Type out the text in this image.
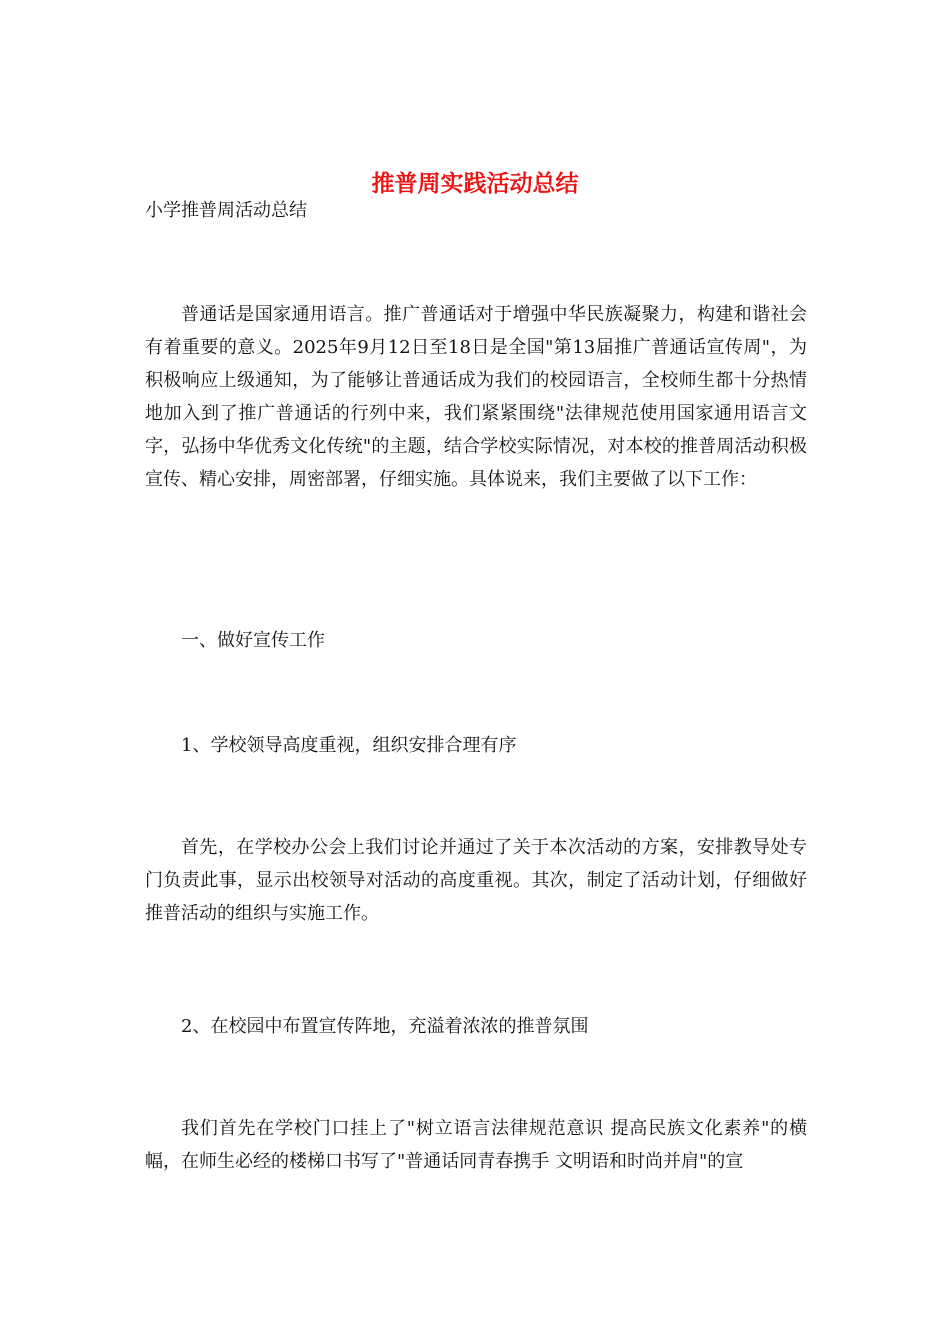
推普周实践活动总结
小学推普周活动总结

普通话是国家通用语言。推广普通话对于增强中华民族凝聚力，构建和谐社会有着重要的意义。2025年9月12日至18日是全国"第13届推广普通话宣传周"，为积极响应上级通知，为了能够让普通话成为我们的校园语言，全校师生都十分热情地加入到了推广普通话的行列中来，我们紧紧围绕"法律规范使用国家通用语言文字，弘扬中华优秀文化传统"的主题，结合学校实际情况，对本校的推普周活动积极宣传、精心安排，周密部署，仔细实施。具体说来，我们主要做了以下工作：

一、做好宣传工作

1、学校领导高度重视，组织安排合理有序

首先，在学校办公会上我们讨论并通过了关于本次活动的方案，安排教导处专门负责此事，显示出校领导对活动的高度重视。其次，制定了活动计划，仔细做好推普活动的组织与实施工作。

2、在校园中布置宣传阵地，充溢着浓浓的推普氛围

我们首先在学校门口挂上了"树立语言法律规范意识 提高民族文化素养"的横幅，在师生必经的楼梯口书写了"普通话同青春携手 文明语和时尚并肩"的宣
